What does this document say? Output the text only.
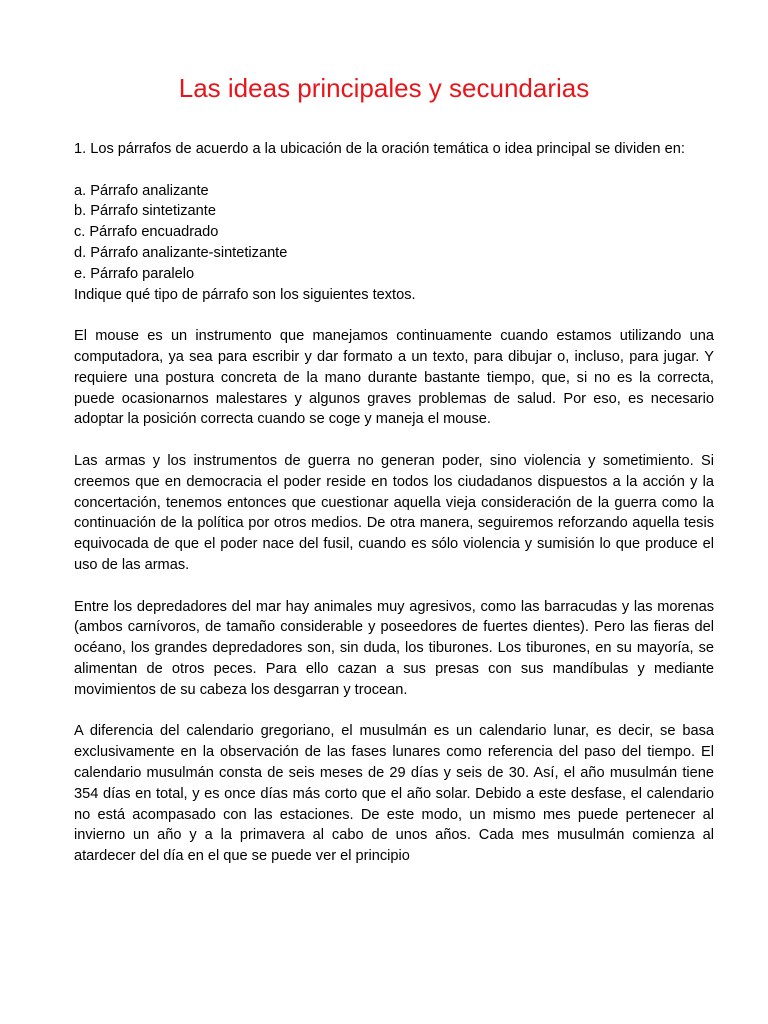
Las ideas principales y secundarias

1. Los párrafos de acuerdo a la ubicación de la oración temática o idea principal se dividen en:

a. Párrafo analizante

b. Párrafo sintetizante

c. Párrafo encuadrado

d. Párrafo analizante-sintetizante

e. Párrafo paralelo

Indique qué tipo de párrafo son los siguientes textos.

El mouse es un instrumento que manejamos continuamente cuando estamos utilizando una computadora, ya sea para escribir y dar formato a un texto, para dibujar o, incluso, para jugar. Y requiere una postura concreta de la mano durante bastante tiempo, que, si no es la correcta, puede ocasionarnos malestares y algunos graves problemas de salud. Por eso, es necesario adoptar la posición correcta cuando se coge y maneja el mouse.

Las armas y los instrumentos de guerra no generan poder, sino violencia y sometimiento. Si creemos que en democracia el poder reside en todos los ciudadanos dispuestos a la acción y la concertación, tenemos entonces que cuestionar aquella vieja consideración de la guerra como la continuación de la política por otros medios. De otra manera, seguiremos reforzando aquella tesis equivocada de que el poder nace del fusil, cuando es sólo violencia y sumisión lo que produce el uso de las armas.

Entre los depredadores del mar hay animales muy agresivos, como las barracudas y las morenas (ambos carnívoros, de tamaño considerable y poseedores de fuertes dientes). Pero las fieras del océano, los grandes depredadores son, sin duda, los tiburones. Los tiburones, en su mayoría, se alimentan de otros peces. Para ello cazan a sus presas con sus mandíbulas y mediante movimientos de su cabeza los desgarran y trocean.

A diferencia del calendario gregoriano, el musulmán es un calendario lunar, es decir, se basa exclusivamente en la observación de las fases lunares como referencia del paso del tiempo. El calendario musulmán consta de seis meses de 29 días y seis de 30. Así, el año musulmán tiene 354 días en total, y es once días más corto que el año solar. Debido a este desfase, el calendario no está acompasado con las estaciones. De este modo, un mismo mes puede pertenecer al invierno un año y a la primavera al cabo de unos años. Cada mes musulmán comienza al atardecer del día en el que se puede ver el principio
